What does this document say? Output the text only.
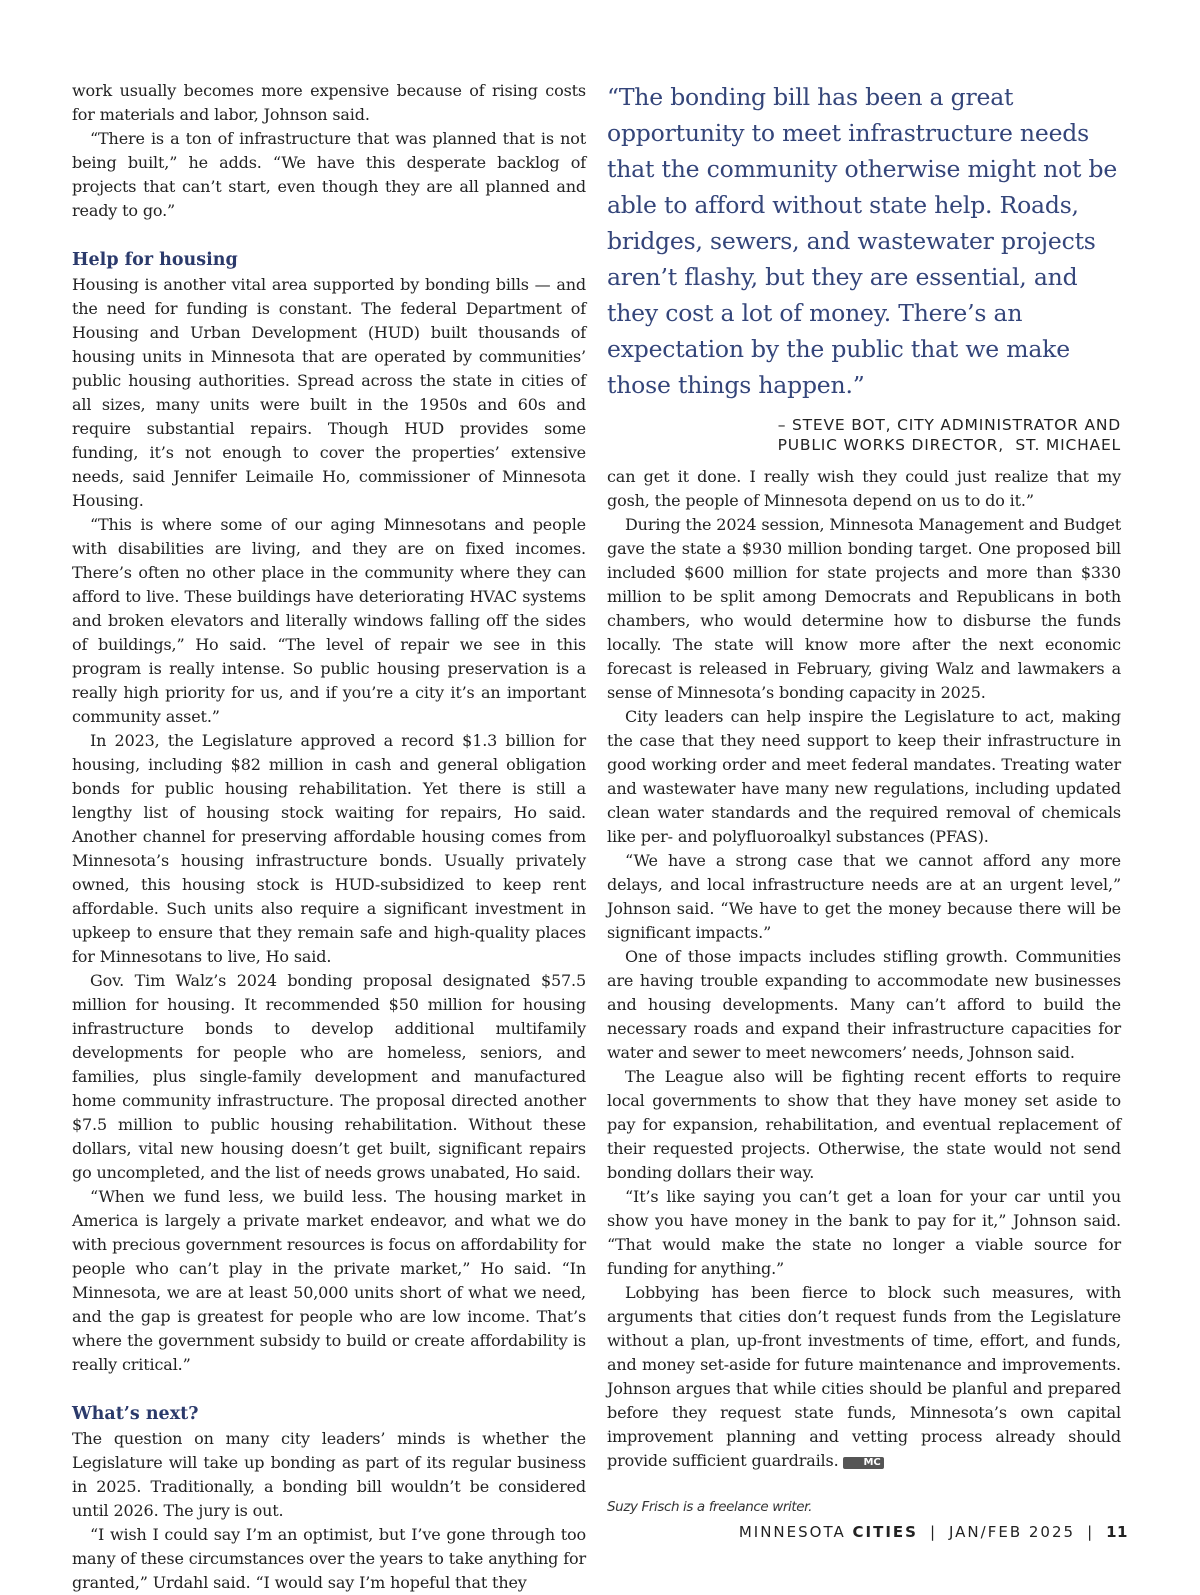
work usually becomes more expensive because of rising costs for materials and labor, Johnson said.

“There is a ton of infrastructure that was planned that is not being built,” he adds. “We have this desperate backlog of projects that can’t start, even though they are all planned and ready to go.”

Help for housing

Housing is another vital area supported by bonding bills — and the need for funding is constant. The federal Department of Housing and Urban Development (HUD) built thousands of housing units in Minnesota that are operated by communities’ public housing authorities. Spread across the state in cities of all sizes, many units were built in the 1950s and 60s and require substantial repairs. Though HUD provides some funding, it’s not enough to cover the properties’ extensive needs, said Jennifer Leimaile Ho, commissioner of Minnesota Housing.

“This is where some of our aging Minnesotans and people with disabilities are living, and they are on fixed incomes. There’s often no other place in the community where they can afford to live. These buildings have deteriorating HVAC systems and broken elevators and literally windows falling off the sides of buildings,” Ho said. “The level of repair we see in this program is really intense. So public housing preservation is a really high priority for us, and if you’re a city it’s an important community asset.”

In 2023, the Legislature approved a record $1.3 billion for housing, including $82 million in cash and general obligation bonds for public housing rehabilitation. Yet there is still a lengthy list of housing stock waiting for repairs, Ho said. Another channel for preserving affordable housing comes from Minnesota’s housing infrastructure bonds. Usually privately owned, this housing stock is HUD-subsidized to keep rent affordable. Such units also require a significant investment in upkeep to ensure that they remain safe and high-quality places for Minnesotans to live, Ho said.

Gov. Tim Walz’s 2024 bonding proposal designated $57.5 million for housing. It recommended $50 million for housing infrastructure bonds to develop additional multifamily developments for people who are homeless, seniors, and families, plus single-family development and manufactured home community infrastructure. The proposal directed another $7.5 million to public housing rehabilitation. Without these dollars, vital new housing doesn’t get built, significant repairs go uncompleted, and the list of needs grows unabated, Ho said.

“When we fund less, we build less. The housing market in America is largely a private market endeavor, and what we do with precious government resources is focus on affordability for people who can’t play in the private market,” Ho said. “In Minnesota, we are at least 50,000 units short of what we need, and the gap is greatest for people who are low income. That’s where the government subsidy to build or create affordability is really critical.”

What’s next?

The question on many city leaders’ minds is whether the Legislature will take up bonding as part of its regular business in 2025. Traditionally, a bonding bill wouldn’t be considered until 2026. The jury is out.

“I wish I could say I’m an optimist, but I’ve gone through too many of these circumstances over the years to take anything for granted,” Urdahl said. “I would say I’m hopeful that they

“The bonding bill has been a great opportunity to meet infrastructure needs that the community otherwise might not be able to afford without state help. Roads, bridges, sewers, and wastewater projects aren’t flashy, but they are essential, and they cost a lot of money. There’s an expectation by the public that we make those things happen.”

– STEVE BOT, CITY ADMINISTRATOR AND
PUBLIC WORKS DIRECTOR,  ST. MICHAEL

can get it done. I really wish they could just realize that my gosh, the people of Minnesota depend on us to do it.”

During the 2024 session, Minnesota Management and Budget gave the state a $930 million bonding target. One proposed bill included $600 million for state projects and more than $330 million to be split among Democrats and Republicans in both chambers, who would determine how to disburse the funds locally. The state will know more after the next economic forecast is released in February, giving Walz and lawmakers a sense of Minnesota’s bonding capacity in 2025.

City leaders can help inspire the Legislature to act, making the case that they need support to keep their infrastructure in good working order and meet federal mandates. Treating water and wastewater have many new regulations, including updated clean water standards and the required removal of chemicals like per- and polyfluoroalkyl substances (PFAS).

“We have a strong case that we cannot afford any more delays, and local infrastructure needs are at an urgent level,” Johnson said. “We have to get the money because there will be significant impacts.”

One of those impacts includes stifling growth. Communities are having trouble expanding to accommodate new businesses and housing developments. Many can’t afford to build the necessary roads and expand their infrastructure capacities for water and sewer to meet newcomers’ needs, Johnson said.

The League also will be fighting recent efforts to require local governments to show that they have money set aside to pay for expansion, rehabilitation, and eventual replacement of their requested projects. Otherwise, the state would not send bonding dollars their way.

“It’s like saying you can’t get a loan for your car until you show you have money in the bank to pay for it,” Johnson said. “That would make the state no longer a viable source for funding for anything.”

Lobbying has been fierce to block such measures, with arguments that cities don’t request funds from the Legislature without a plan, up-front investments of time, effort, and funds, and money set-aside for future maintenance and improvements. Johnson argues that while cities should be planful and prepared before they request state funds, Minnesota’s own capital improvement planning and vetting process already should provide sufficient guardrails.	MC

Suzy Frisch is a freelance writer.

MINNESOTA CITIES | JAN/FEB 2025 | 11
